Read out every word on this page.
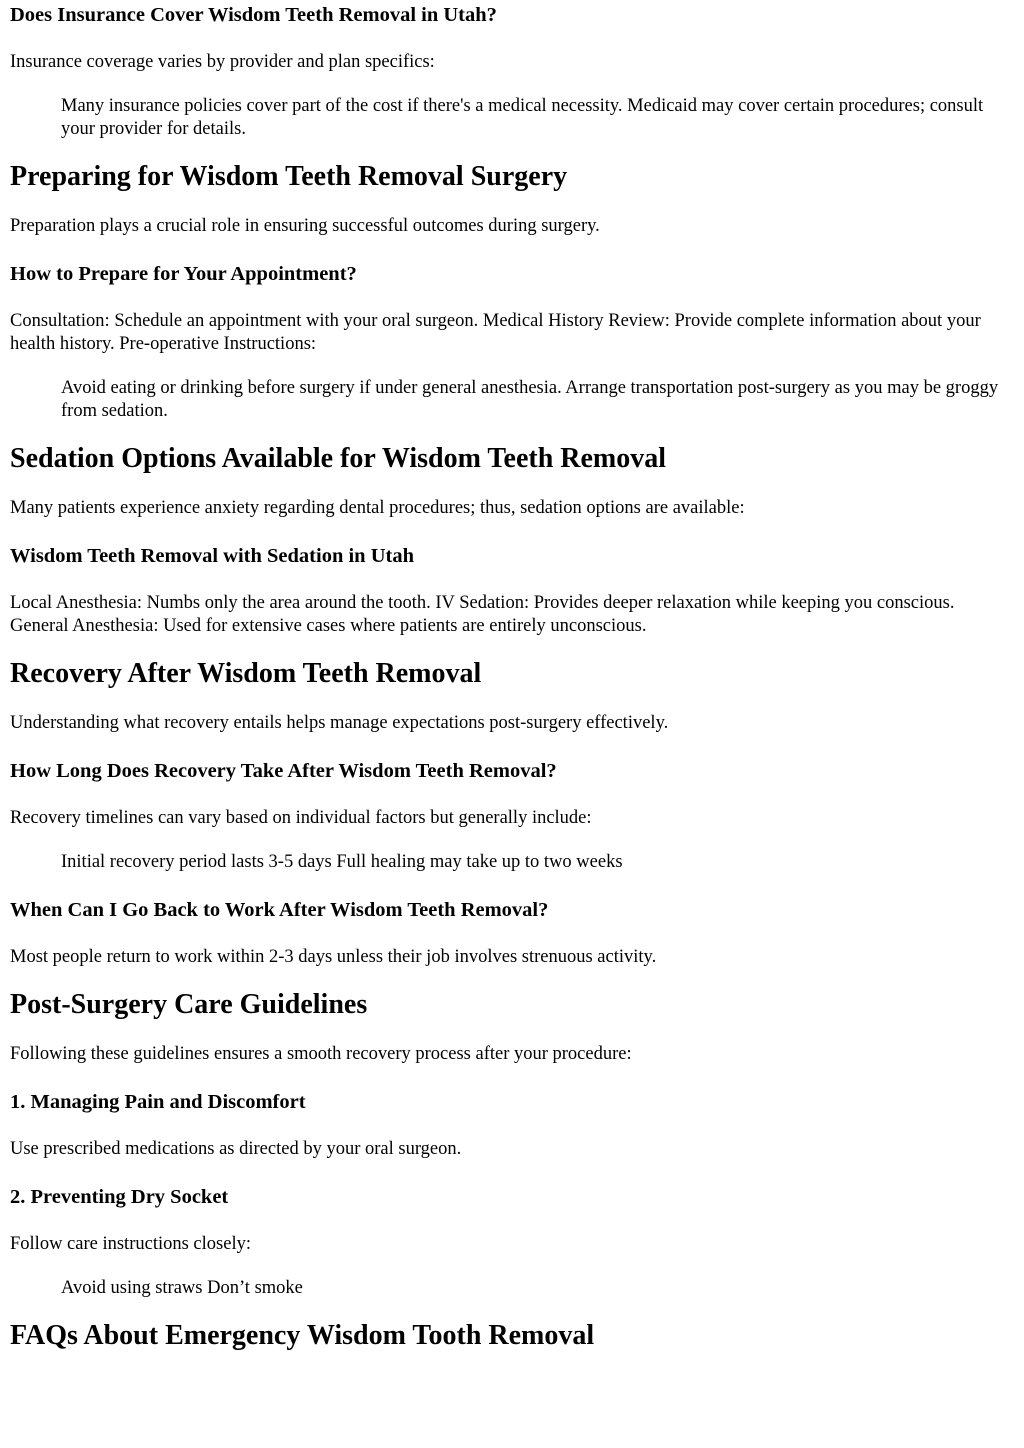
Does Insurance Cover Wisdom Teeth Removal in Utah?

Insurance coverage varies by provider and plan specifics:

Many insurance policies cover part of the cost if there's a medical necessity. Medicaid may cover certain procedures; consult your provider for details.
Preparing for Wisdom Teeth Removal Surgery

Preparation plays a crucial role in ensuring successful outcomes during surgery.

How to Prepare for Your Appointment?

Consultation: Schedule an appointment with your oral surgeon. Medical History Review: Provide complete information about your health history. Pre-operative Instructions:

Avoid eating or drinking before surgery if under general anesthesia. Arrange transportation post-surgery as you may be groggy from sedation.
Sedation Options Available for Wisdom Teeth Removal

Many patients experience anxiety regarding dental procedures; thus, sedation options are available:

Wisdom Teeth Removal with Sedation in Utah

Local Anesthesia: Numbs only the area around the tooth. IV Sedation: Provides deeper relaxation while keeping you conscious. General Anesthesia: Used for extensive cases where patients are entirely unconscious.

Recovery After Wisdom Teeth Removal

Understanding what recovery entails helps manage expectations post-surgery effectively.

How Long Does Recovery Take After Wisdom Teeth Removal?

Recovery timelines can vary based on individual factors but generally include:

Initial recovery period lasts 3-5 days Full healing may take up to two weeks
When Can I Go Back to Work After Wisdom Teeth Removal?

Most people return to work within 2-3 days unless their job involves strenuous activity.

Post-Surgery Care Guidelines

Following these guidelines ensures a smooth recovery process after your procedure:

1. Managing Pain and Discomfort

Use prescribed medications as directed by your oral surgeon.

2. Preventing Dry Socket

Follow care instructions closely:

Avoid using straws Don’t smoke
FAQs About Emergency Wisdom Tooth Removal
